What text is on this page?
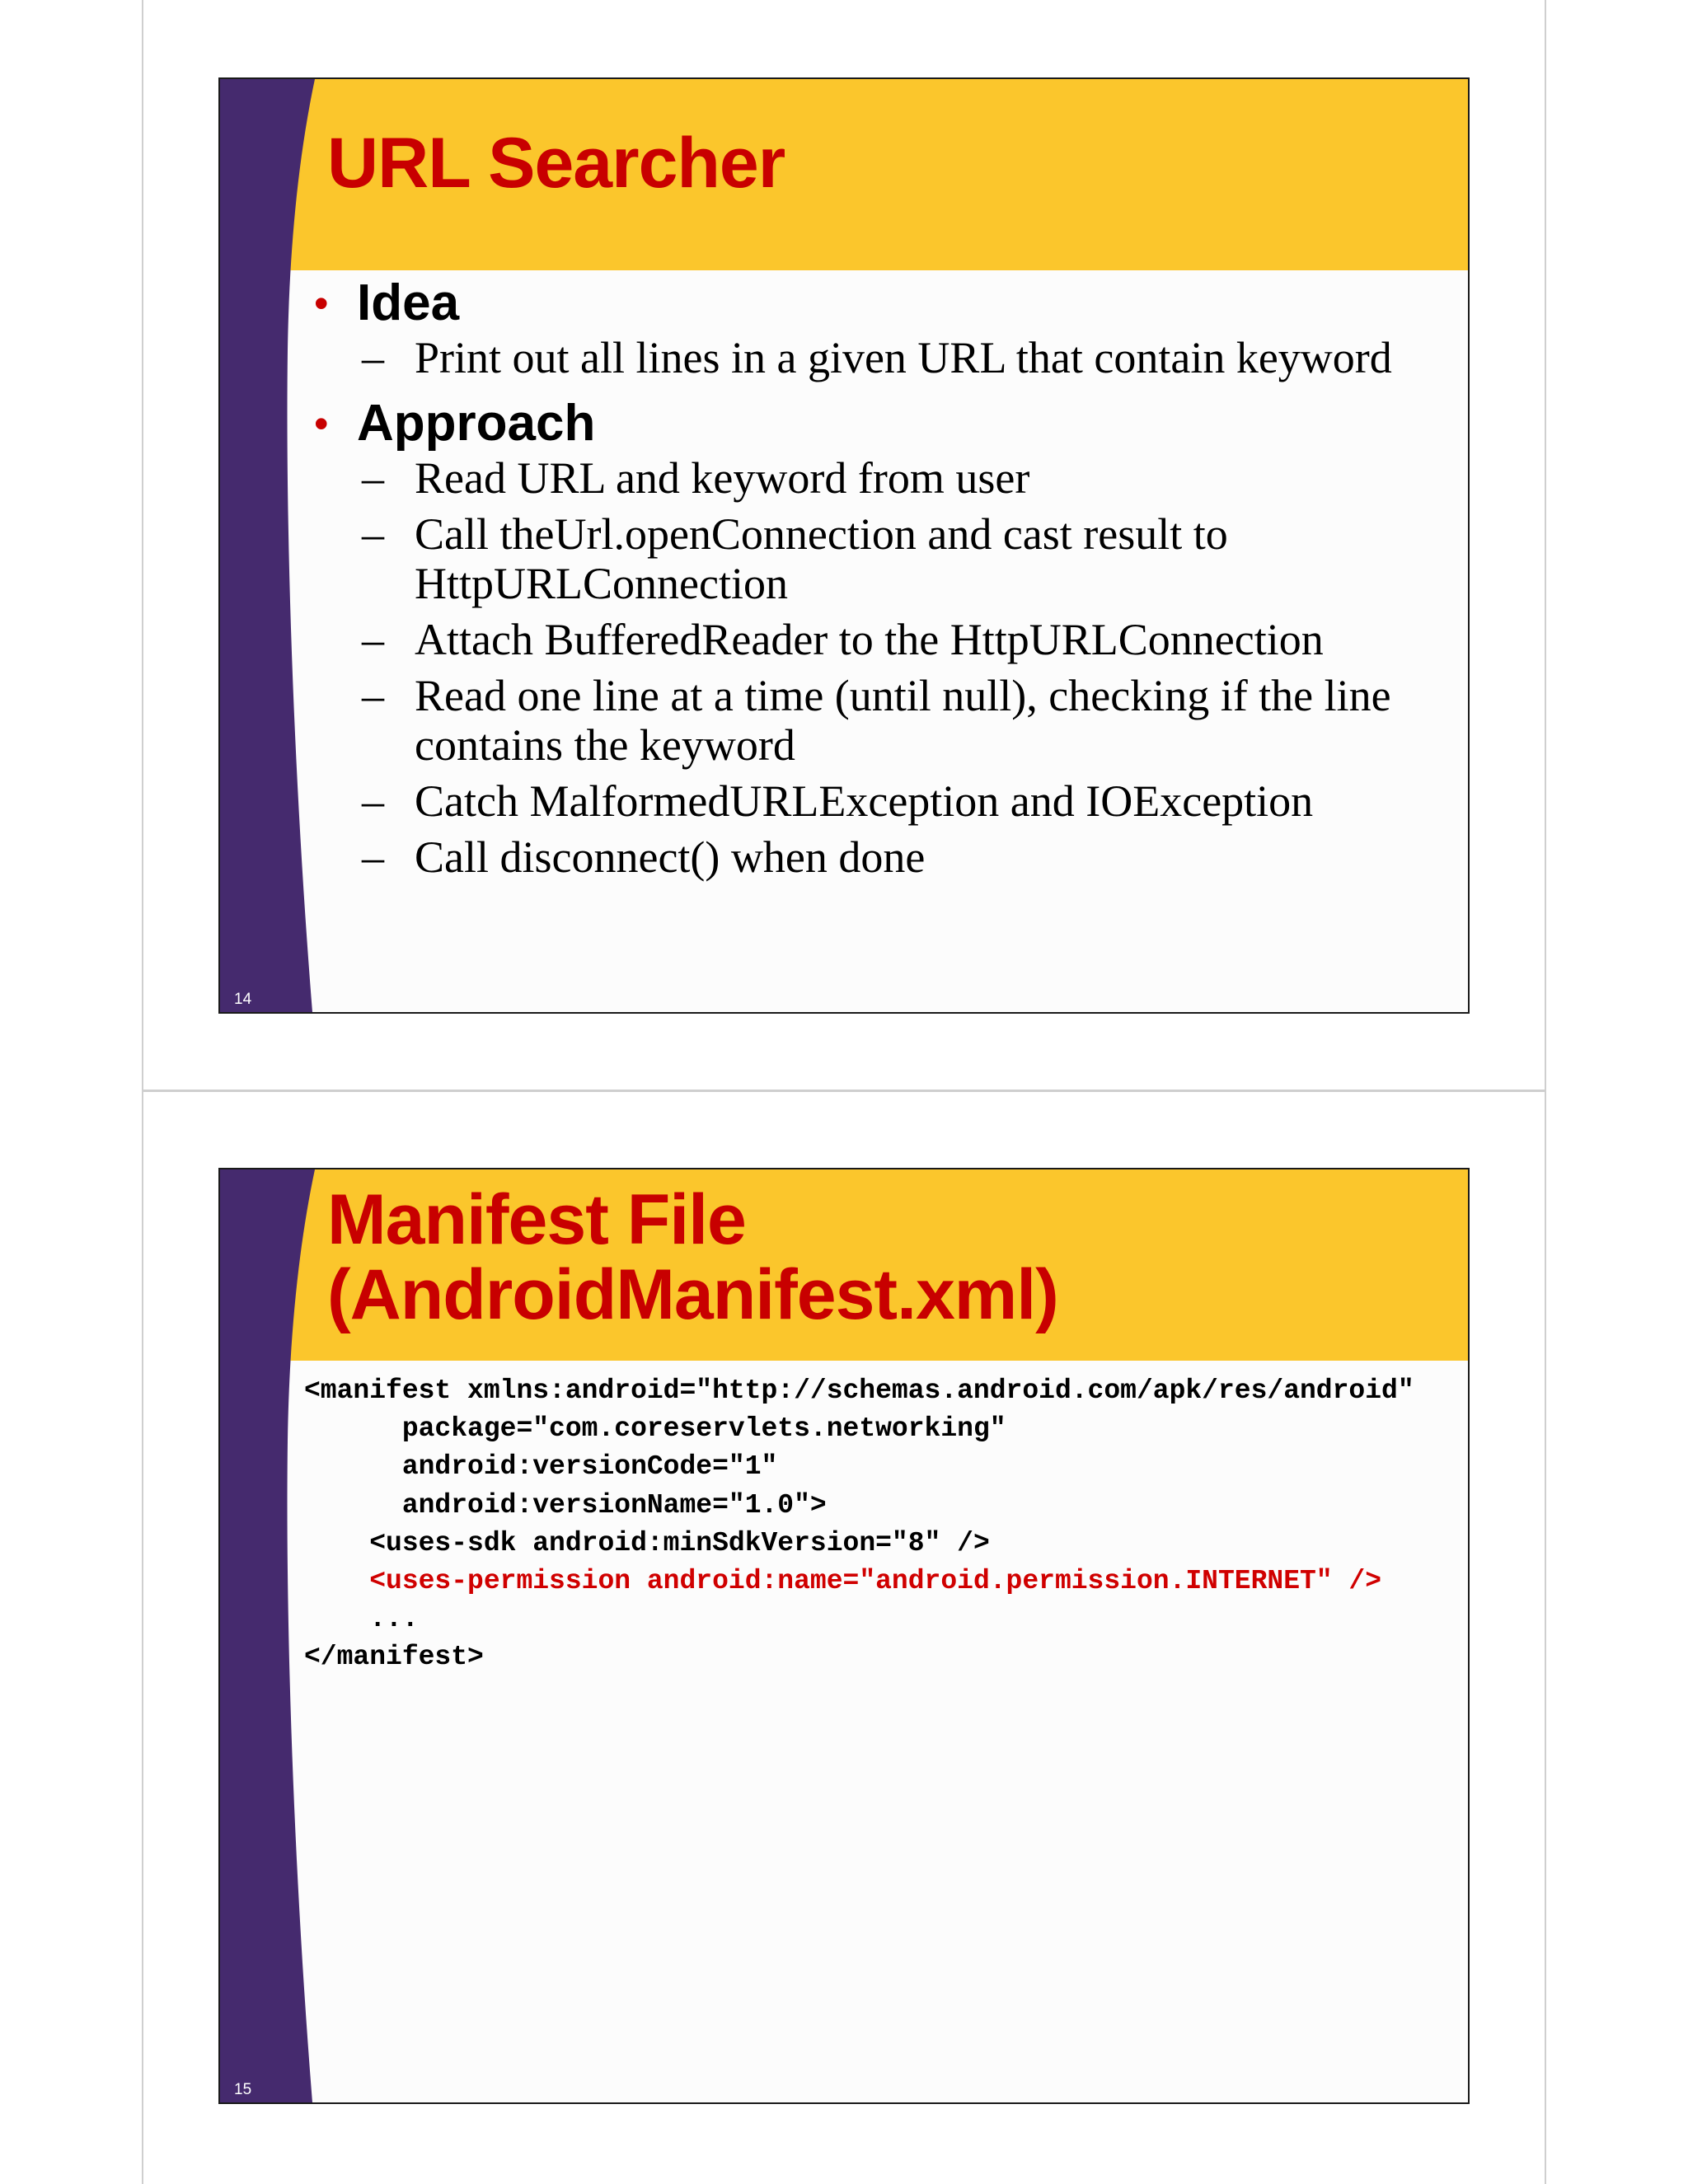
URL Searcher
• Idea
– Print out all lines in a given URL that contain keyword
• Approach
– Read URL and keyword from user
– Call theUrl.openConnection and cast result to HttpURLConnection
– Attach BufferedReader to the HttpURLConnection
– Read one line at a time (until null), checking if the line contains the keyword
– Catch MalformedURLException and IOException
– Call disconnect() when done
14
Manifest File
(AndroidManifest.xml)
<manifest xmlns:android="http://schemas.android.com/apk/res/android"
package="com.coreservlets.networking"
android:versionCode="1"
android:versionName="1.0">
<uses-sdk android:minSdkVersion="8" />
<uses-permission android:name="android.permission.INTERNET" />
...
</manifest>
15
